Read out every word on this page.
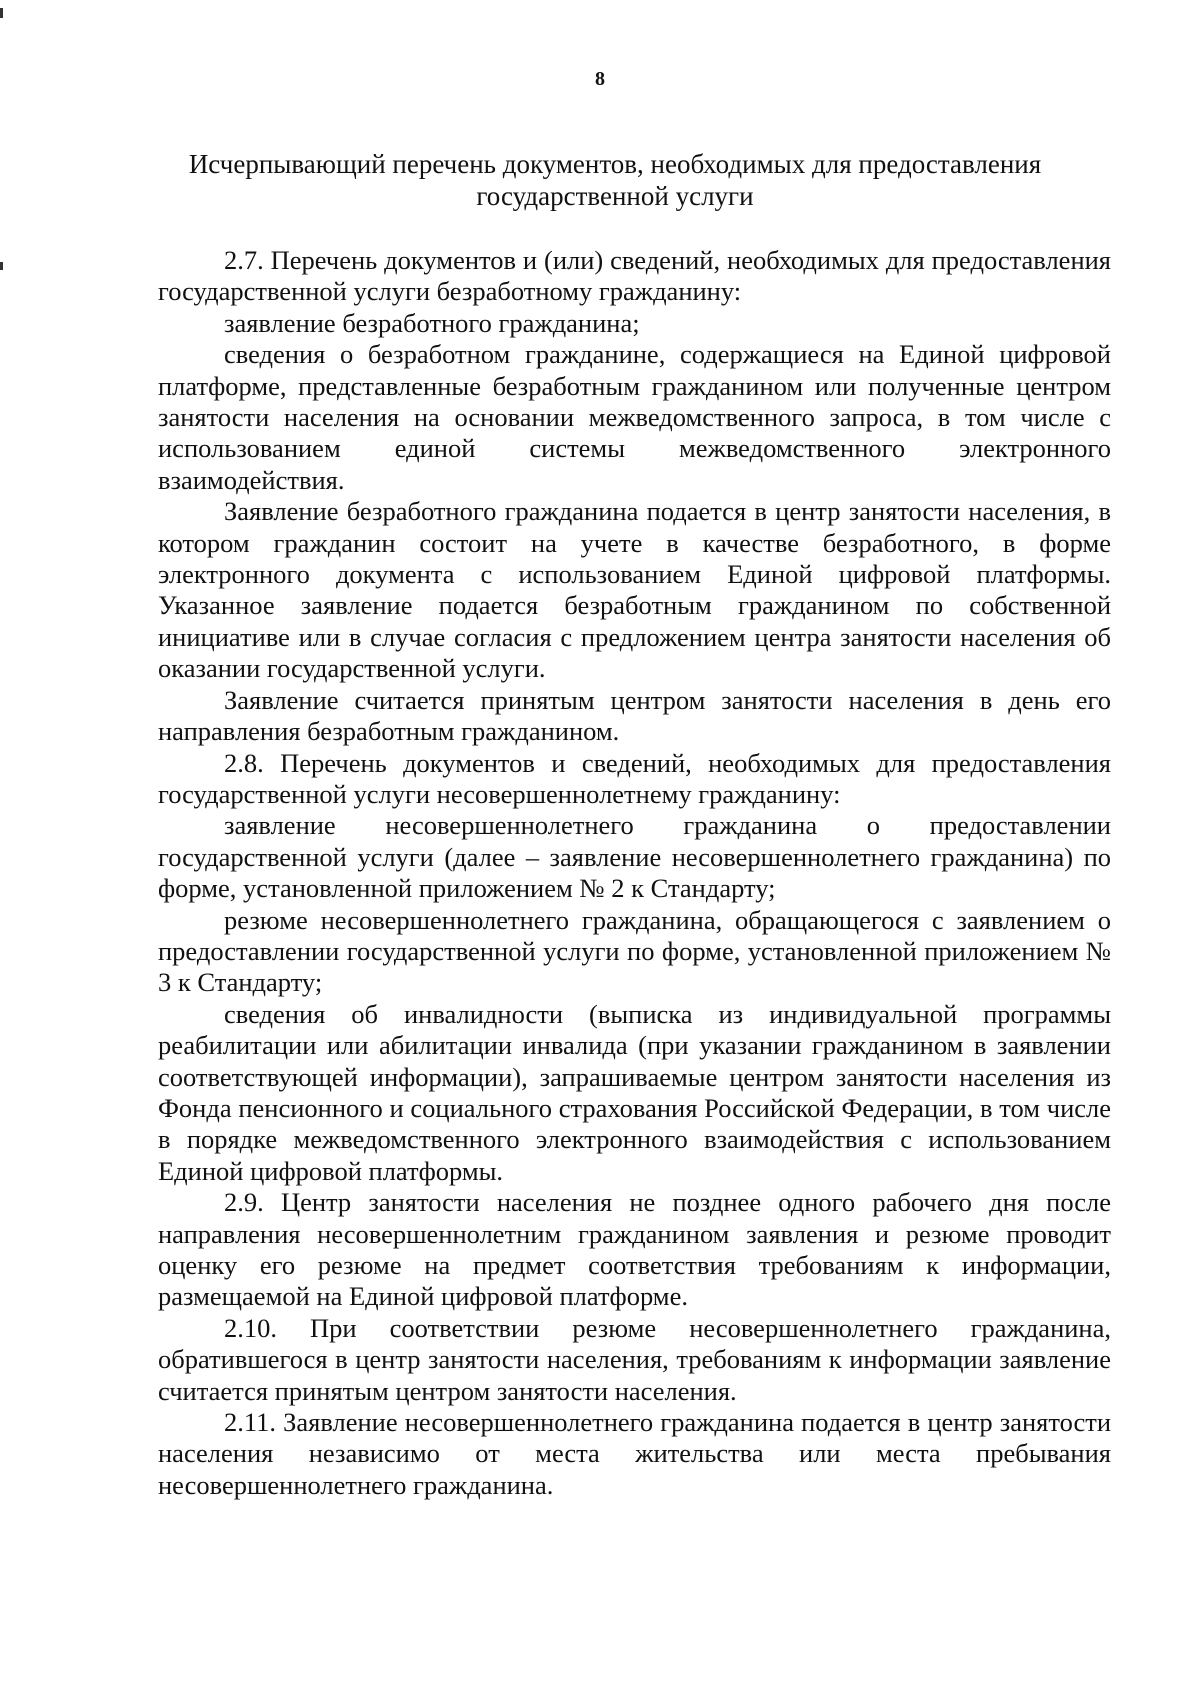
8
Исчерпывающий перечень документов, необходимых для предоставления государственной услуги

2.7. Перечень документов и (или) сведений, необходимых для предоставления государственной услуги безработному гражданину:

заявление безработного гражданина;

сведения о безработном гражданине, содержащиеся на Единой цифровой платформе, представленные безработным гражданином или полученные центром занятости населения на основании межведомственного запроса, в том числе с использованием единой системы межведомственного электронного взаимодействия.

Заявление безработного гражданина подается в центр занятости населения, в котором гражданин состоит на учете в качестве безработного, в форме электронного документа с использованием Единой цифровой платформы. Указанное заявление подается безработным гражданином по собственной инициативе или в случае согласия с предложением центра занятости населения об оказании государственной услуги.

Заявление считается принятым центром занятости населения в день его направления безработным гражданином.

2.8. Перечень документов и сведений, необходимых для предоставления государственной услуги несовершеннолетнему гражданину:

заявление несовершеннолетнего гражданина о предоставлении государственной услуги (далее – заявление несовершеннолетнего гражданина) по форме, установленной приложением № 2 к Стандарту;

резюме несовершеннолетнего гражданина, обращающегося с заявлением о предоставлении государственной услуги по форме, установленной приложением № 3 к Стандарту;

сведения об инвалидности (выписка из индивидуальной программы реабилитации или абилитации инвалида (при указании гражданином в заявлении соответствующей информации), запрашиваемые центром занятости населения из Фонда пенсионного и социального страхования Российской Федерации, в том числе в порядке межведомственного электронного взаимодействия с использованием Единой цифровой платформы.

2.9. Центр занятости населения не позднее одного рабочего дня после направления несовершеннолетним гражданином заявления и резюме проводит оценку его резюме на предмет соответствия требованиям к информации, размещаемой на Единой цифровой платформе.

2.10. При соответствии резюме несовершеннолетнего гражданина, обратившегося в центр занятости населения, требованиям к информации заявление считается принятым центром занятости населения.

2.11. Заявление несовершеннолетнего гражданина подается в центр занятости населения независимо от места жительства или места пребывания несовершеннолетнего гражданина.
